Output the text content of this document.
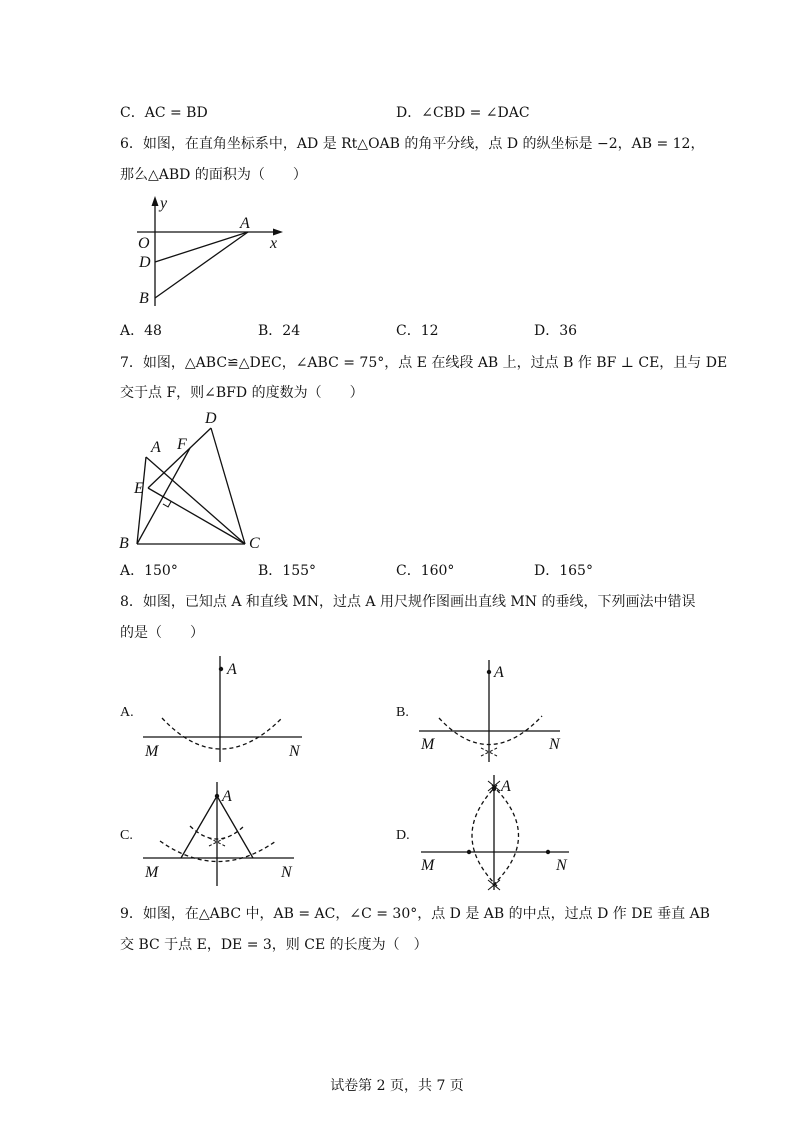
C．AC = BD	D．∠CBD = ∠DAC
6．如图，在直角坐标系中，AD 是 Rt△OAB 的角平分线，点 D 的纵坐标是 −2，AB = 12，
那么△ABD 的面积为（　　）
y
x
O
A
D
B
A．48	B．24	C．12	D．36
7．如图，△ABC≌△DEC，∠ABC = 75°，点 E 在线段 AB 上，过点 B 作 BF ⊥ CE，且与 DE
交于点 F，则∠BFD 的度数为（　　）
D
A F
E
B	C
A．150°	B．155°	C．160°	D．165°
8．如图，已知点 A 和直线 MN，过点 A 用尺规作图画出直线 MN 的垂线，下列画法中错误
的是（　　）
A.
A
M	N
B.
A
M	N
C.
A
M	N
D.
A
M	N
9．如图，在△ABC 中，AB = AC，∠C = 30°，点 D 是 AB 的中点，过点 D 作 DE 垂直 AB
交 BC 于点 E，DE = 3，则 CE 的长度为（　）
试卷第 2 页，共 7 页
